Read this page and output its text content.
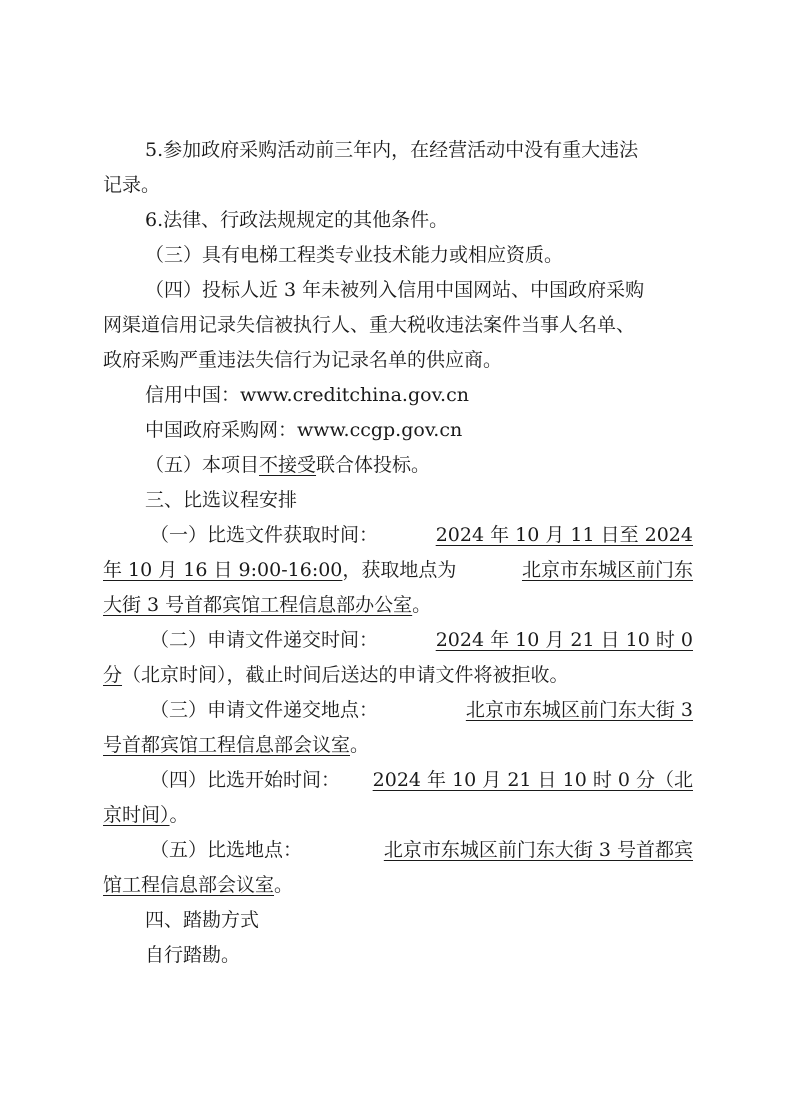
5.参加政府采购活动前三年内，在经营活动中没有重大违法
记录。
6.法律、行政法规规定的其他条件。
（三）具有电梯工程类专业技术能力或相应资质。
（四）投标人近 3 年未被列入信用中国网站、中国政府采购
网渠道信用记录失信被执行人、重大税收违法案件当事人名单、
政府采购严重违法失信行为记录名单的供应商。
信用中国：www.creditchina.gov.cn
中国政府采购网：www.ccgp.gov.cn
（五）本项目不接受联合体投标。
三、比选议程安排
（一）比选文件获取时间：	2024 年 10 月 11 日至 2024
年 10 月 16 日 9:00-16:00，获取地点为	北京市东城区前门东
大街 3 号首都宾馆工程信息部办公室。
（二）申请文件递交时间：	2024 年 10 月 21 日 10 时 0
分（北京时间），截止时间后送达的申请文件将被拒收。
（三）申请文件递交地点：	北京市东城区前门东大街 3
号首都宾馆工程信息部会议室。
（四）比选开始时间： 2024 年 10 月 21 日 10 时 0 分（北
京时间）。
（五）比选地点：	北京市东城区前门东大街 3 号首都宾
馆工程信息部会议室。
四、踏勘方式
自行踏勘。
